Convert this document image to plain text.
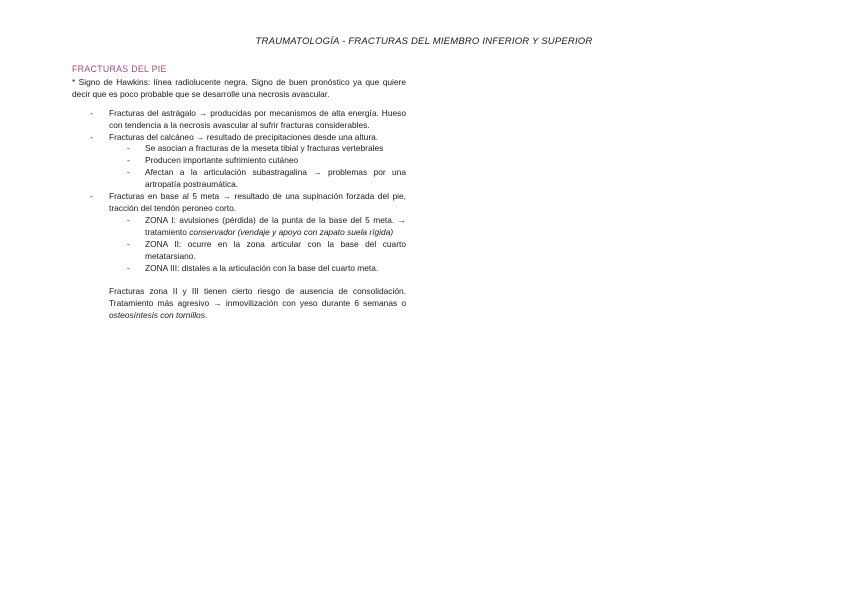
TRAUMATOLOGÍA - FRACTURAS DEL MIEMBRO INFERIOR Y SUPERIOR
FRACTURAS DEL PIE
* Signo de Hawkins: línea radiolucente negra. Signo de buen pronóstico ya que quiere decir que es poco probable que se desarrolle una necrosis avascular.
- Fracturas del astrágalo → producidas por mecanismos de alta energía. Hueso con tendencia a la necrosis avascular al sufrir fracturas considerables.
- Fracturas del calcáneo → resultado de precipitaciones desde una altura.
- Se asocian a fracturas de la meseta tibial y fracturas vertebrales
- Producen importante sufrimiento cutáneo
- Afectan a la articulación subastragalina → problemas por una artropatía postraumática.
- Fracturas en base al 5 meta → resultado de una supinación forzada del pie, tracción del tendón peroneo corto.
- ZONA I: avulsiones (pérdida) de la punta de la base del 5 meta. → tratamiento conservador (vendaje y apoyo con zapato suela rígida)
- ZONA II: ocurre en la zona articular con la base del cuarto metatarsiano.
- ZONA III: distales a la articulación con la base del cuarto meta.
Fracturas zona II y III tienen cierto riesgo de ausencia de consolidación. Tratamiento más agresivo → inmovilización con yeso durante 6 semanas o osteosíntesis con tornillos.
